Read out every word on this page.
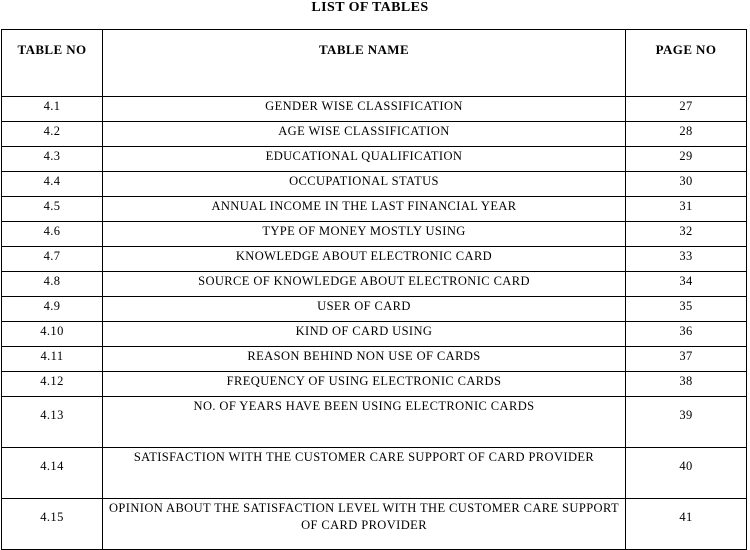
LIST OF TABLES
TABLE NO	TABLE NAME	PAGE NO
4.1	GENDER WISE CLASSIFICATION	27
4.2	AGE WISE CLASSIFICATION	28
4.3	EDUCATIONAL QUALIFICATION	29
4.4	OCCUPATIONAL STATUS	30
4.5	ANNUAL INCOME IN THE LAST FINANCIAL YEAR	31
4.6	TYPE OF MONEY MOSTLY USING	32
4.7	KNOWLEDGE ABOUT ELECTRONIC CARD	33
4.8	SOURCE OF KNOWLEDGE ABOUT ELECTRONIC CARD	34
4.9	USER OF CARD	35
4.10	KIND OF CARD USING	36
4.11	REASON BEHIND NON USE OF CARDS	37
4.12	FREQUENCY OF USING ELECTRONIC CARDS	38
4.13	NO. OF YEARS HAVE BEEN USING ELECTRONIC CARDS	39
4.14	SATISFACTION WITH THE CUSTOMER CARE SUPPORT OF CARD PROVIDER	40
4.15	OPINION ABOUT THE SATISFACTION LEVEL WITH THE CUSTOMER CARE SUPPORT OF CARD PROVIDER	41
